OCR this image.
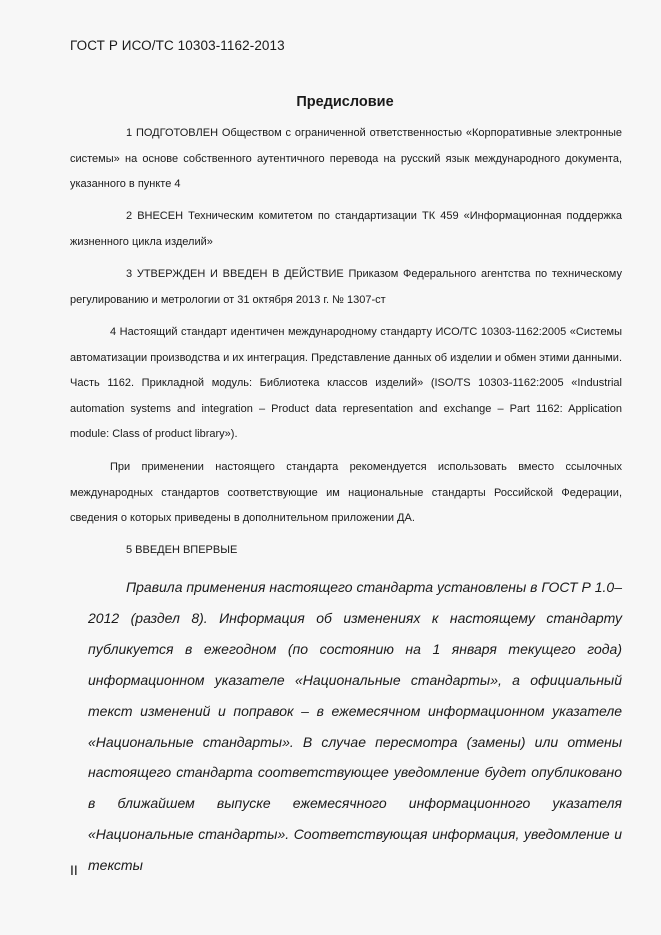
ГОСТ Р ИСО/ТС 10303-1162-2013
Предисловие
1 ПОДГОТОВЛЕН Обществом с ограниченной ответственностью «Корпоративные электронные системы» на основе собственного аутентичного перевода на русский язык международного документа, указанного в пункте 4
2 ВНЕСЕН Техническим комитетом по стандартизации ТК 459 «Информационная поддержка жизненного цикла изделий»
3 УТВЕРЖДЕН И ВВЕДЕН В ДЕЙСТВИЕ Приказом Федерального агентства по техническому регулированию и метрологии от 31 октября 2013 г. № 1307-ст
4 Настоящий стандарт идентичен международному стандарту ИСО/ТС 10303-1162:2005 «Системы автоматизации производства и их интеграция. Представление данных об изделии и обмен этими данными. Часть 1162. Прикладной модуль: Библиотека классов изделий» (ISO/TS 10303-1162:2005 «Industrial automation systems and integration – Product data representation and exchange – Part 1162: Application module: Class of product library»).
При применении настоящего стандарта рекомендуется использовать вместо ссылочных международных стандартов соответствующие им национальные стандарты Российской Федерации, сведения о которых приведены в дополнительном приложении ДА.
5 ВВЕДЕН ВПЕРВЫЕ
Правила применения настоящего стандарта установлены в ГОСТ Р 1.0–2012 (раздел 8). Информация об изменениях к настоящему стандарту публикуется в ежегодном (по состоянию на 1 января текущего года) информационном указателе «Национальные стандарты», а официальный текст изменений и поправок – в ежемесячном информационном указателе «Национальные стандарты». В случае пересмотра (замены) или отмены настоящего стандарта соответствующее уведомление будет опубликовано в ближайшем выпуске ежемесячного информационного указателя «Национальные стандарты». Соответствующая информация, уведомление и тексты
II
